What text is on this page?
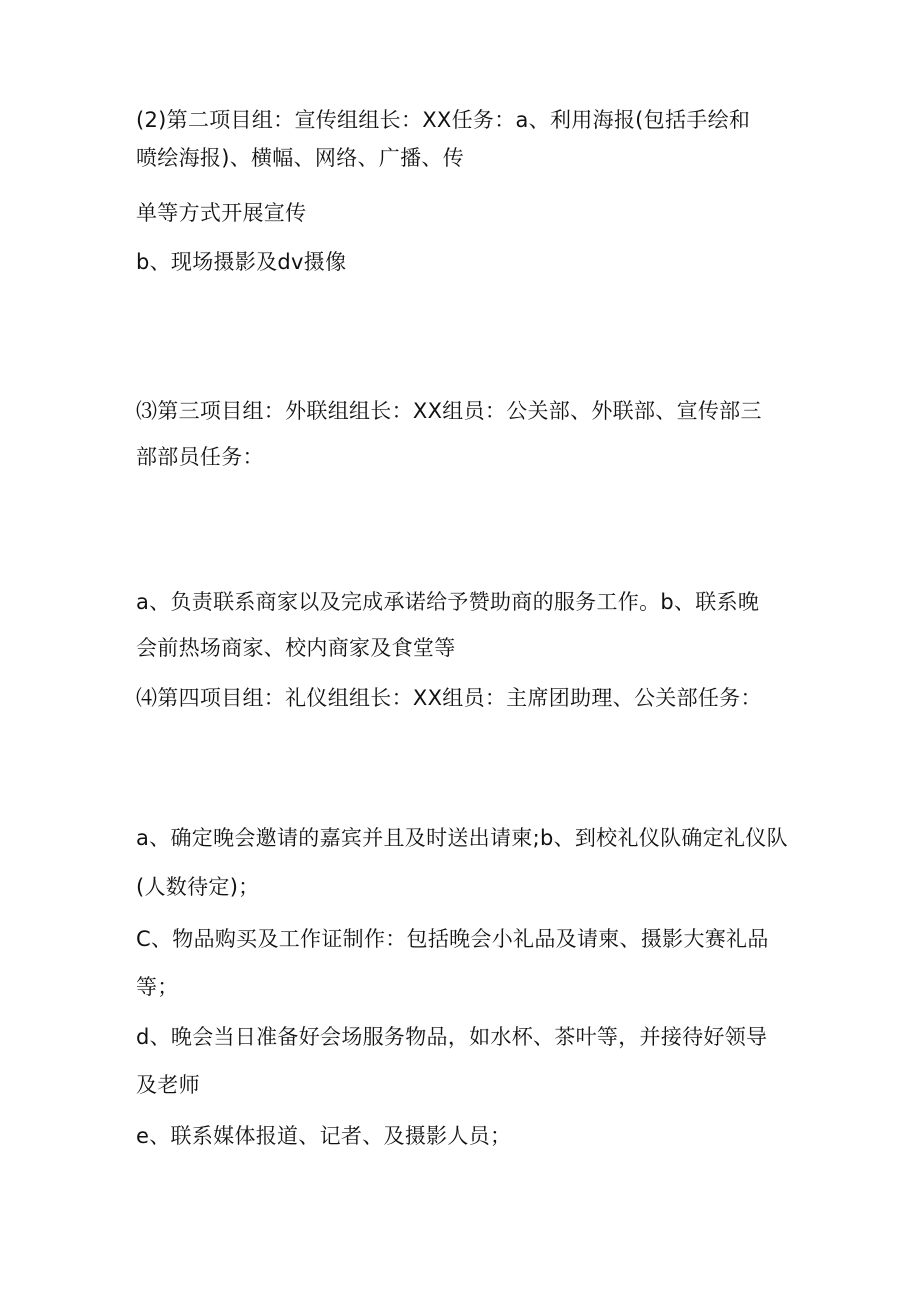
(2)第二项目组：宣传组组长：XX任务：a、利用海报(包括手绘和
喷绘海报)、横幅、网络、广播、传
单等方式开展宣传
b、现场摄影及dv摄像
⑶第三项目组：外联组组长：XX组员：公关部、外联部、宣传部三
部部员任务：
a、负责联系商家以及完成承诺给予赞助商的服务工作。b、联系晚
会前热场商家、校内商家及食堂等
⑷第四项目组：礼仪组组长：XX组员：主席团助理、公关部任务：
a、确定晚会邀请的嘉宾并且及时送出请柬;b、到校礼仪队确定礼仪队
(人数待定)；
C、物品购买及工作证制作：包括晚会小礼品及请柬、摄影大赛礼品
等；
d、晚会当日准备好会场服务物品，如水杯、茶叶等，并接待好领导
及老师
e、联系媒体报道、记者、及摄影人员；
